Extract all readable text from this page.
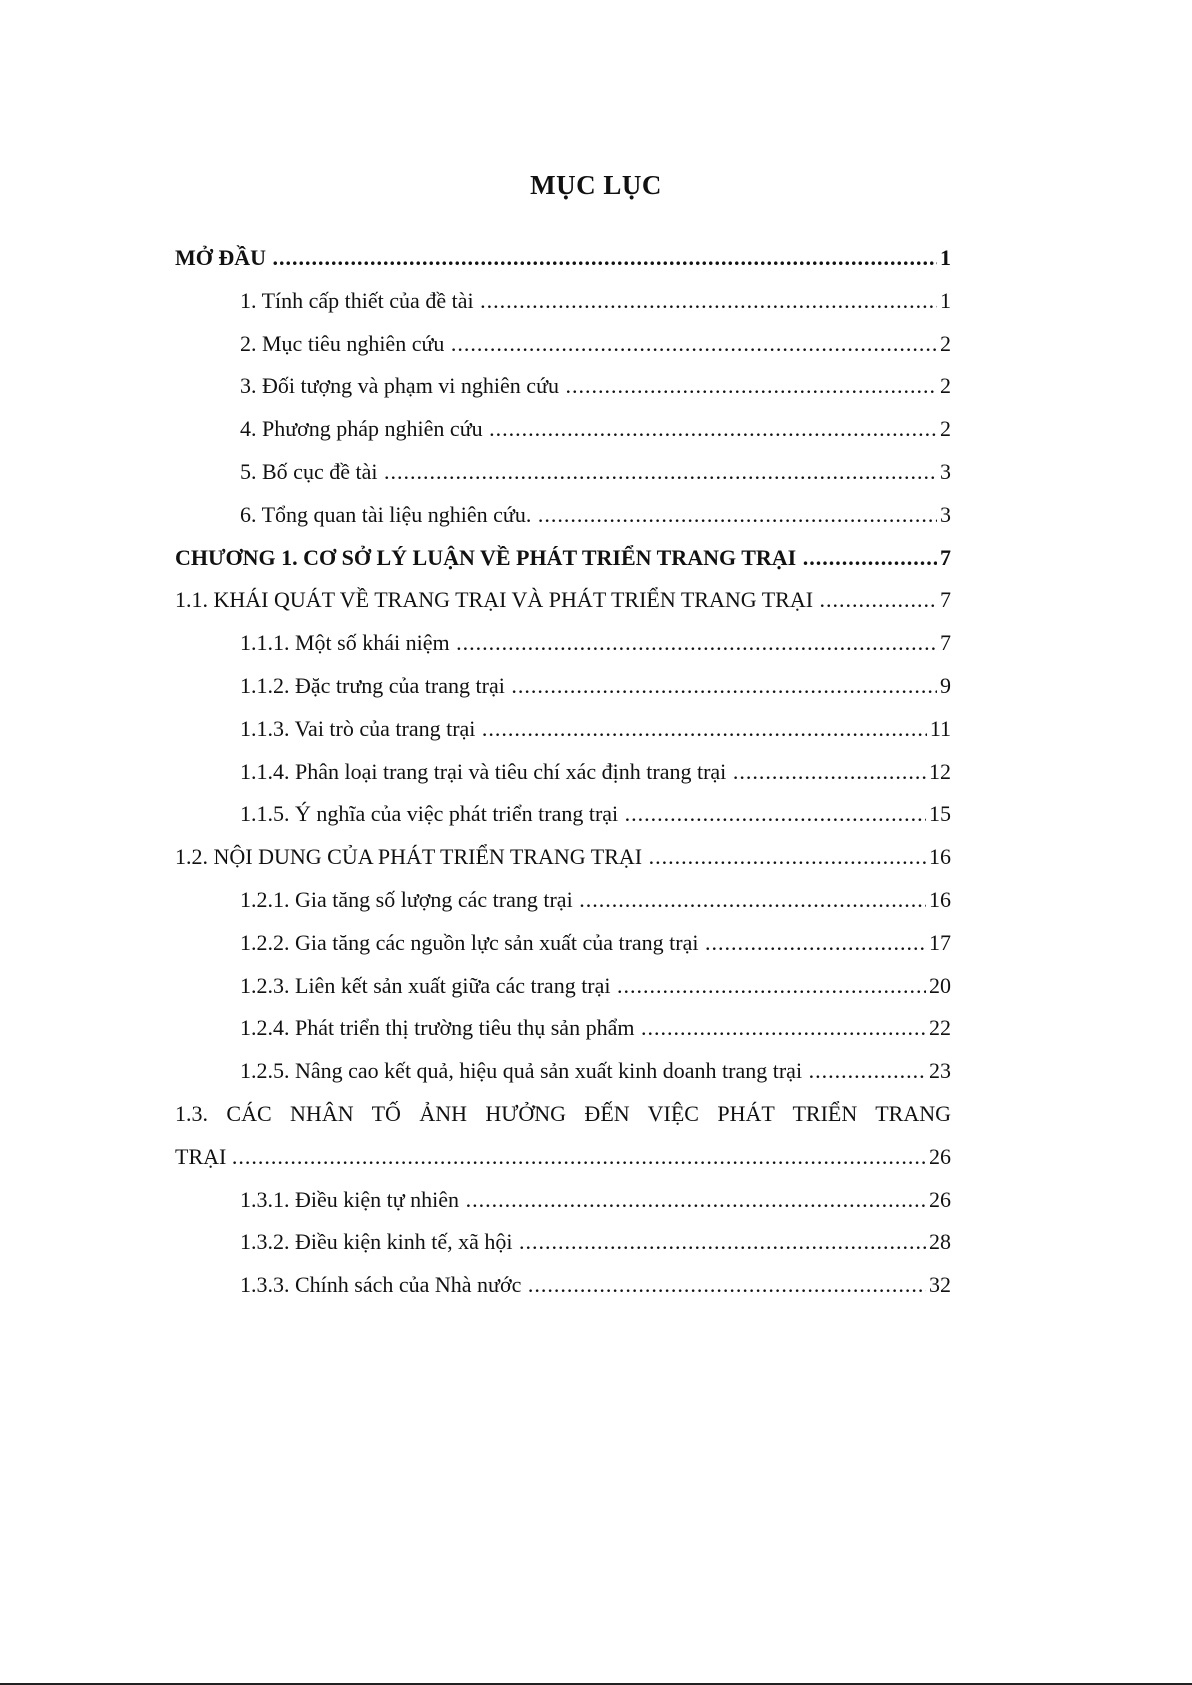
MỤC LỤC
MỞ ĐẦU .....	1
1. Tính cấp thiết của đề tài .....	1
2. Mục tiêu nghiên cứu .....	2
3. Đối tượng và phạm vi nghiên cứu .....	2
4. Phương pháp nghiên cứu .....	2
5. Bố cục đề tài .....	3
6. Tổng quan tài liệu nghiên cứu. .....	3
CHƯƠNG 1. CƠ SỞ LÝ LUẬN VỀ PHÁT TRIỂN TRANG TRẠI .....	7
1.1. KHÁI QUÁT VỀ TRANG TRẠI VÀ PHÁT TRIỂN TRANG TRẠI .....	7
1.1.1. Một số khái niệm .....	7
1.1.2. Đặc trưng của trang trại .....	9
1.1.3. Vai trò của trang trại .....	11
1.1.4. Phân loại trang trại và tiêu chí xác định trang trại .....	12
1.1.5. Ý nghĩa của việc phát triển trang trại .....	15
1.2. NỘI DUNG CỦA PHÁT TRIỂN TRANG TRẠI .....	16
1.2.1. Gia tăng số lượng các trang trại .....	16
1.2.2. Gia tăng các nguồn lực sản xuất của trang trại .....	17
1.2.3. Liên kết sản xuất giữa các trang trại .....	20
1.2.4. Phát triển thị trường tiêu thụ sản phẩm .....	22
1.2.5. Nâng cao kết quả, hiệu quả sản xuất kinh doanh trang trại .....	23
1.3. CÁC NHÂN TỐ ẢNH HƯỞNG ĐẾN VIỆC PHÁT TRIỂN TRANG
TRẠI .....	26
1.3.1. Điều kiện tự nhiên .....	26
1.3.2. Điều kiện kinh tế, xã hội .....	28
1.3.3. Chính sách của Nhà nước .....	32
